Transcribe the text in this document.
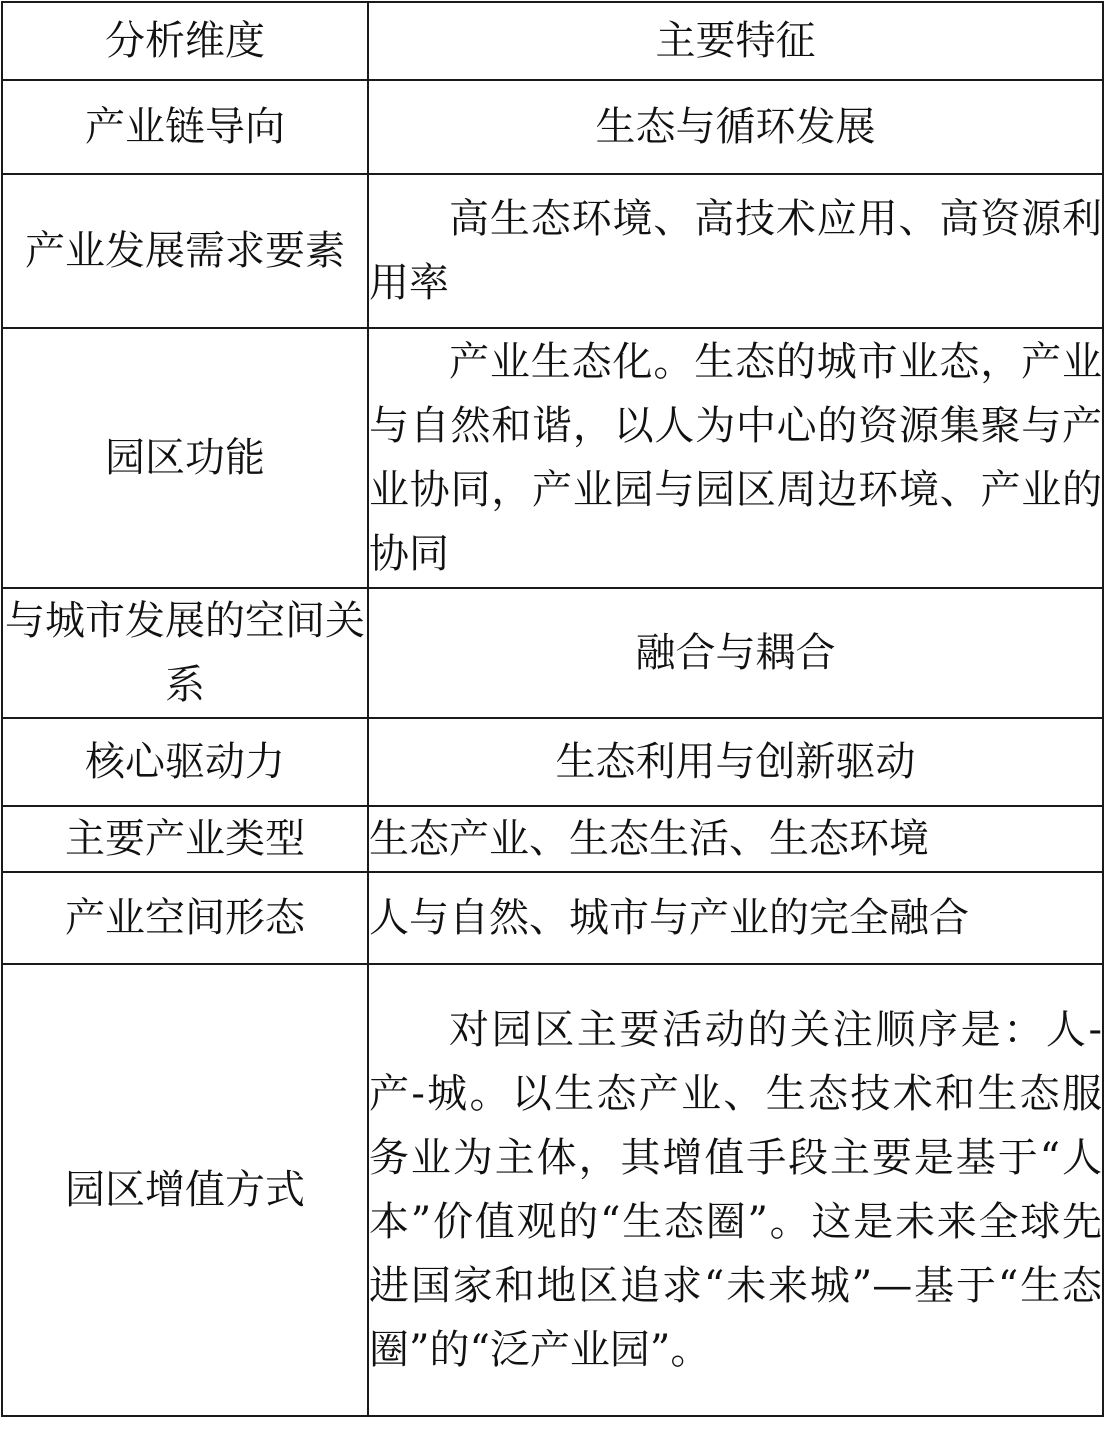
分析维度	主要特征
产业链导向	生态与循环发展
产业发展需求要素	高生态环境、高技术应用、高资源利用率
园区功能	产业生态化。生态的城市业态，产业与自然和谐，以人为中心的资源集聚与产业协同，产业园与园区周边环境、产业的协同
与城市发展的空间关系	融合与耦合
核心驱动力	生态利用与创新驱动
主要产业类型	生态产业、生态生活、生态环境
产业空间形态	人与自然、城市与产业的完全融合
园区增值方式	对园区主要活动的关注顺序是：人-产-城。以生态产业、生态技术和生态服务业为主体，其增值手段主要是基于“人本”价值观的“生态圈”。这是未来全球先进国家和地区追求“未来城”—基于“生态圈”的“泛产业园”。
